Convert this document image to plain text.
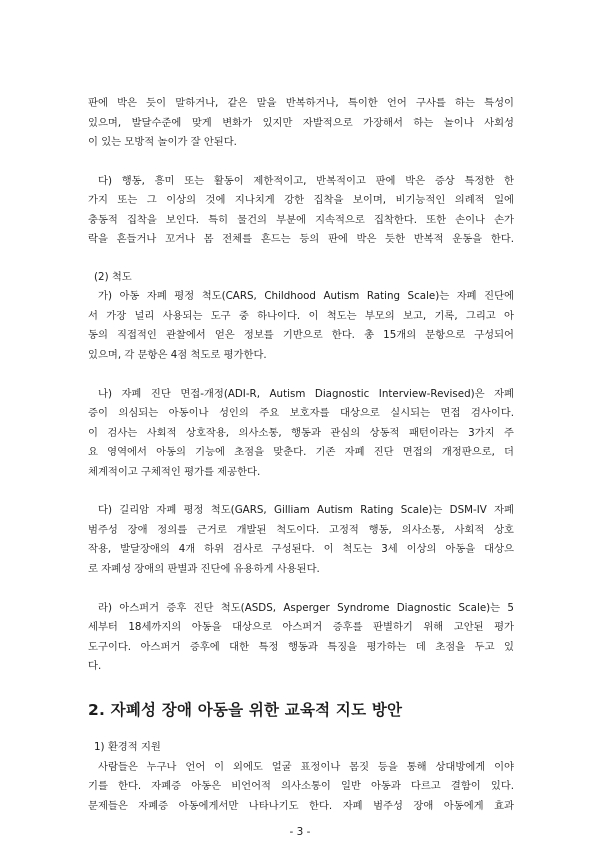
판에 박은 듯이 말하거나, 같은 말을 반복하거나, 특이한 언어 구사를 하는 특성이
있으며, 발달수준에 맞게 변화가 있지만 자발적으로 가장해서 하는 놀이나 사회성
이 있는 모방적 놀이가 잘 안된다.
다) 행동, 흥미 또는 활동이 제한적이고, 반복적이고 판에 박은 증상 특정한 한
가지 또는 그 이상의 것에 지나치게 강한 집착을 보이며, 비기능적인 의례적 일에
충동적 집착을 보인다. 특히 물건의 부분에 지속적으로 집착한다. 또한 손이나 손가
락을 흔들거나 꼬거나 몸 전체를 흔드는 등의 판에 박은 듯한 반복적 운동을 한다.
(2) 척도
가) 아동 자폐 평정 척도(CARS, Childhood Autism Rating Scale)는 자폐 진단에
서 가장 널리 사용되는 도구 중 하나이다. 이 척도는 부모의 보고, 기록, 그리고 아
동의 직접적인 관찰에서 얻은 정보를 기반으로 한다. 총 15개의 문항으로 구성되어
있으며, 각 문항은 4점 척도로 평가한다.
나) 자폐 진단 면접-개정(ADI-R, Autism Diagnostic Interview-Revised)은 자폐
증이 의심되는 아동이나 성인의 주요 보호자를 대상으로 실시되는 면접 검사이다.
이 검사는 사회적 상호작용, 의사소통, 행동과 관심의 상동적 패턴이라는 3가지 주
요 영역에서 아동의 기능에 초점을 맞춘다. 기존 자폐 진단 면접의 개정판으로, 더
체계적이고 구체적인 평가를 제공한다.
다) 길리암 자폐 평정 척도(GARS, Gilliam Autism Rating Scale)는 DSM-IV 자폐
범주성 장애 정의를 근거로 개발된 척도이다. 고정적 행동, 의사소통, 사회적 상호
작용, 발달장애의 4개 하위 검사로 구성된다. 이 척도는 3세 이상의 아동을 대상으
로 자폐성 장애의 판별과 진단에 유용하게 사용된다.
라) 아스퍼거 증후 진단 척도(ASDS, Asperger Syndrome Diagnostic Scale)는 5
세부터 18세까지의 아동을 대상으로 아스퍼거 증후를 판별하기 위해 고안된 평가
도구이다. 아스퍼거 증후에 대한 특정 행동과 특징을 평가하는 데 초점을 두고 있
다.
2. 자폐성 장애 아동을 위한 교육적 지도 방안
1) 환경적 지원
사람들은 누구나 언어 이 외에도 얼굴 표정이나 몸짓 등을 통해 상대방에게 이야
기를 한다. 자폐증 아동은 비언어적 의사소통이 일반 아동과 다르고 결함이 있다.
문제들은 자폐증 아동에게서만 나타나기도 한다. 자폐 범주성 장애 아동에게 효과
- 3 -
